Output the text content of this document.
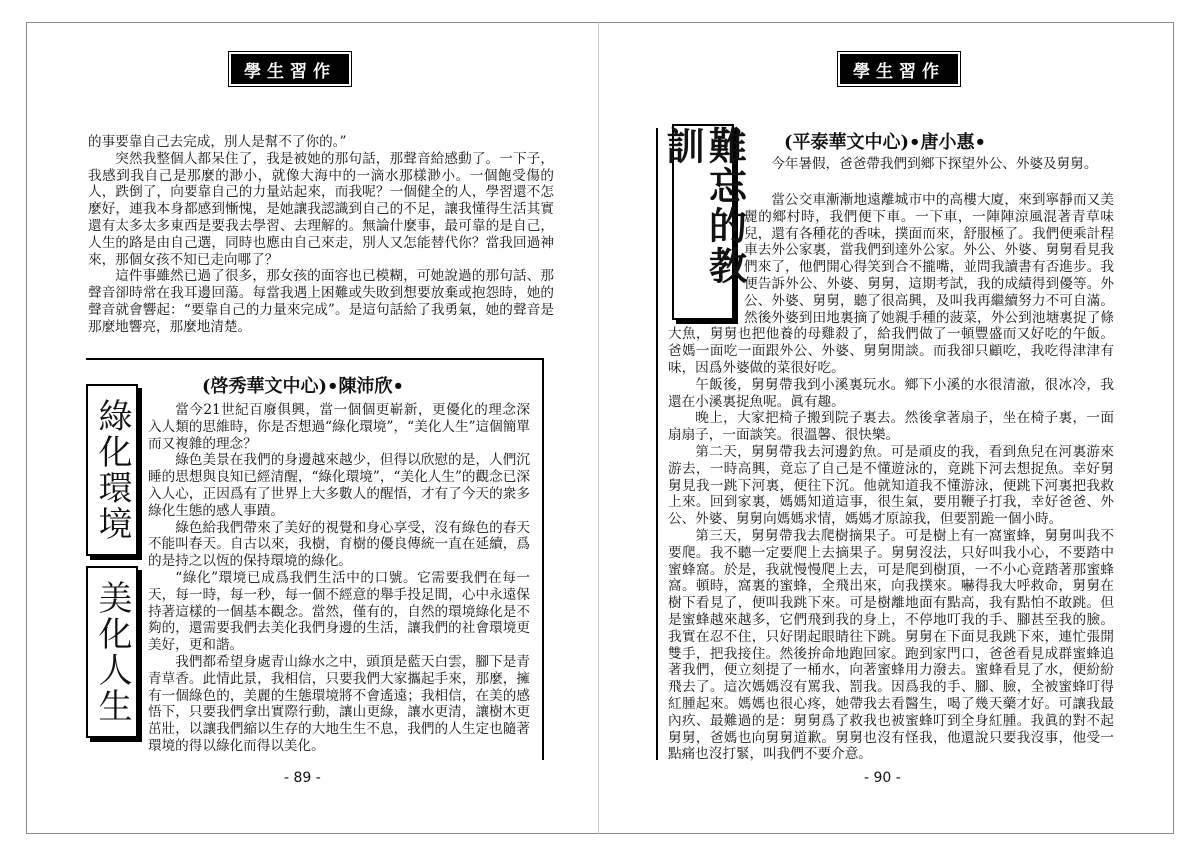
學生習作

的事要靠自己去完成，別人是幫不了你的。”

突然我整個人都呆住了，我是被她的那句話，那聲音給感動了。一下子，我感到我自己是那麼的渺小，就像大海中的一滴水那樣渺小。一個飽受傷的人，跌倒了，向要靠自己的力量站起來，而我呢？一個健全的人，學習還不怎麼好，連我本身都感到慚愧，是她讓我認識到自己的不足，讓我懂得生活其實還有太多太多東西是要我去學習、去理解的。無論什麼事，最可靠的是自己，人生的路是由自己選，同時也應由自己來走，別人又怎能替代你？當我回過神來，那個女孩不知已走向哪了？

這件事雖然已過了很多，那女孩的面容也已模糊，可她說過的那句話、那聲音卻時常在我耳邊回蕩。每當我遇上困難或失敗到想要放棄或抱怨時，她的聲音就會響起：“要靠自己的力量來完成”。是這句話給了我勇氣，她的聲音是那麼地響亮，那麼地清楚。

綠化環境
美化人生
(啓秀華文中心)•陳沛欣•

當今21世紀百廢俱興，當一個個更嶄新，更優化的理念深入人類的思維時，你是否想過“綠化環境”，“美化人生”這個簡單而又複雜的理念？

綠色美景在我們的身邊越來越少，但得以欣慰的是，人們沉睡的思想與良知已經清醒，“綠化環境”，“美化人生”的觀念已深入人心，正因爲有了世界上大多數人的醒悟，才有了今天的衆多綠化生態的感人事蹟。

綠色給我們帶來了美好的視覺和身心享受，沒有綠色的春天不能叫春天。自古以來，我樹，育樹的優良傳統一直在延續，爲的是持之以恆的保持環境的綠化。

“綠化”環境已成爲我們生活中的口號。它需要我們在每一天，每一時，每一秒，每一個不經意的舉手投足間，心中永遠保持著這樣的一個基本觀念。當然，僅有的，自然的環境綠化是不夠的，還需要我們去美化我們身邊的生活，讓我們的社會環境更美好，更和諧。

我們都希望身處青山綠水之中，頭頂是藍天白雲，腳下是青青草香。此情此景，我相信，只要我們大家攜起手來，那麼，擁有一個綠色的，美麗的生態環境將不會遙遠；我相信，在美的感悟下，只要我們拿出實際行動，讓山更綠，讓水更清，讓樹木更茁壯，以讓我們縮以生存的大地生生不息，我們的人生定也隨著環境的得以綠化而得以美化。

- 89 -
學生習作
難忘的教訓	(平泰華文中心)•唐小惠•

今年暑假，爸爸帶我們到鄉下探望外公、外婆及舅舅。

當公交車漸漸地遠離城市中的高樓大廈，來到寧靜而又美麗的鄉村時，我們便下車。一下車，一陣陣涼風混著青草味兒，還有各種花的香味，撲面而來，舒服極了。我們便乘計程車去外公家裏，當我們到達外公家。外公、外婆、舅舅看見我們來了，他們開心得笑到合不攏嘴，並問我讀書有否進步。我便告訴外公、外婆、舅舅，這期考試，我的成績得到優等。外公、外婆、舅舅，聽了很高興，及叫我再繼續努力不可自滿。然後外婆到田地裏摘了她親手種的菠菜，外公到池塘裏捉了條大魚，舅舅也把他養的母雞殺了，給我們做了一頓豐盛而又好吃的午飯。爸媽一面吃一面跟外公、外婆、舅舅閒談。而我卻只顧吃，我吃得津津有味，因爲外婆做的菜很好吃。

午飯後，舅舅帶我到小溪裏玩水。鄉下小溪的水很清澈，很冰冷，我還在小溪裏捉魚呢。眞有趣。

晚上，大家把椅子搬到院子裏去。然後拿著扇子，坐在椅子裏，一面扇扇子，一面談笑。很溫馨、很快樂。

第二天，舅舅帶我去河邊釣魚。可是頑皮的我，看到魚兒在河裏游來游去，一時高興，竟忘了自己是不懂遊泳的，竟跳下河去想捉魚。幸好舅舅見我一跳下河裏，便往下沉。他就知道我不懂游泳，便跳下河裏把我救上來。回到家裏，媽媽知道這事，很生氣，要用鞭子打我，幸好爸爸、外公、外婆、舅舅向媽媽求情，媽媽才原諒我，但要罰跪一個小時。

第三天，舅舅帶我去爬樹摘果子。可是樹上有一窩蜜蜂，舅舅叫我不要爬。我不聽一定要爬上去摘果子。舅舅沒法，只好叫我小心，不要踏中蜜蜂窩。於是，我就慢慢爬上去，可是爬到樹頂，一不小心竟踏著那蜜蜂窩。頓時，窩裏的蜜蜂，全飛出來，向我撲來。嚇得我大呼救命，舅舅在樹下看見了，便叫我跳下來。可是樹離地面有點高，我有點怕不敢跳。但是蜜蜂越來越多，它們飛到我的身上，不停地叮我的手、腳甚至我的臉。我實在忍不住，只好閉起眼睛往下跳。舅舅在下面見我跳下來，連忙張開雙手，把我接住。然後拚命地跑回家。跑到家門口，爸爸看見成群蜜蜂追著我們，便立刻提了一桶水，向著蜜蜂用力潑去。蜜蜂看見了水，便紛紛飛去了。這次媽媽沒有罵我、罰我。因爲我的手、腳、臉，全被蜜蜂叮得紅腫起來。媽媽也很心疼，她帶我去看醫生，喝了幾天藥才好。可讓我最內疚、最難過的是：舅舅爲了救我也被蜜蜂叮到全身紅腫。我眞的對不起舅舅，爸媽也向舅舅道歉。舅舅也沒有怪我，他還說只要我沒事，他受一點痛也沒打緊，叫我們不要介意。

- 90 -
